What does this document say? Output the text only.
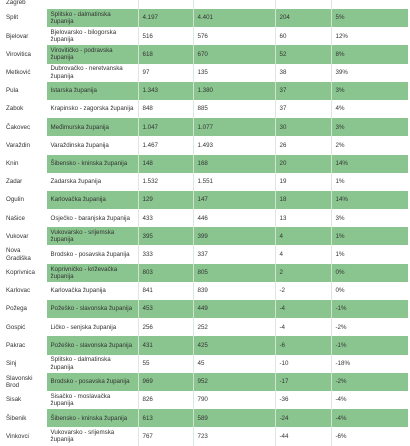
Zagreb					
Split	Splitsko - dalmatinska županija	4.197	4.401	204	5%
Bjelovar	Bjelovarsko - bilogorska županija	516	576	60	12%
Virovitica	Virovitičko - podravska županija	618	670	52	8%
Metković	Dubrovačko - neretvanska županija	97	135	38	39%
Pula	Istarska županija	1.343	1.380	37	3%
Zabok	Krapinsko - zagorska županija	848	885	37	4%
Čakovec	Međimurska županija	1.047	1.077	30	3%
Varaždin	Varaždinska županija	1.467	1.493	26	2%
Knin	Šibensko - kninska županija	148	168	20	14%
Zadar	Zadarska županija	1.532	1.551	19	1%
Ogulin	Karlovačka županija	129	147	18	14%
Našice	Osječko - baranjska županija	433	446	13	3%
Vukovar	Vukovarsko - srijemska županija	395	399	4	1%
Nova Gradiška	Brodsko - posavska županija	333	337	4	1%
Koprivnica	Koprivničko - križevačka županija	803	805	2	0%
Karlovac	Karlovačka županija	841	839	-2	0%
Požega	Požeško - slavonska županija	453	449	-4	-1%
Gospić	Ličko - senjska županija	256	252	-4	-2%
Pakrac	Požeško - slavonska županija	431	425	-6	-1%
Sinj	Splitsko - dalmatinska županija	55	45	-10	-18%
Slavonski Brod	Brodsko - posavska županija	969	952	-17	-2%
Sisak	Sisačko - moslavačka županija	826	790	-36	-4%
Šibenik	Šibensko - kninska županija	613	589	-24	-4%
Vinkovci	Vukovarsko - srijemska županija	767	723	-44	-6%
